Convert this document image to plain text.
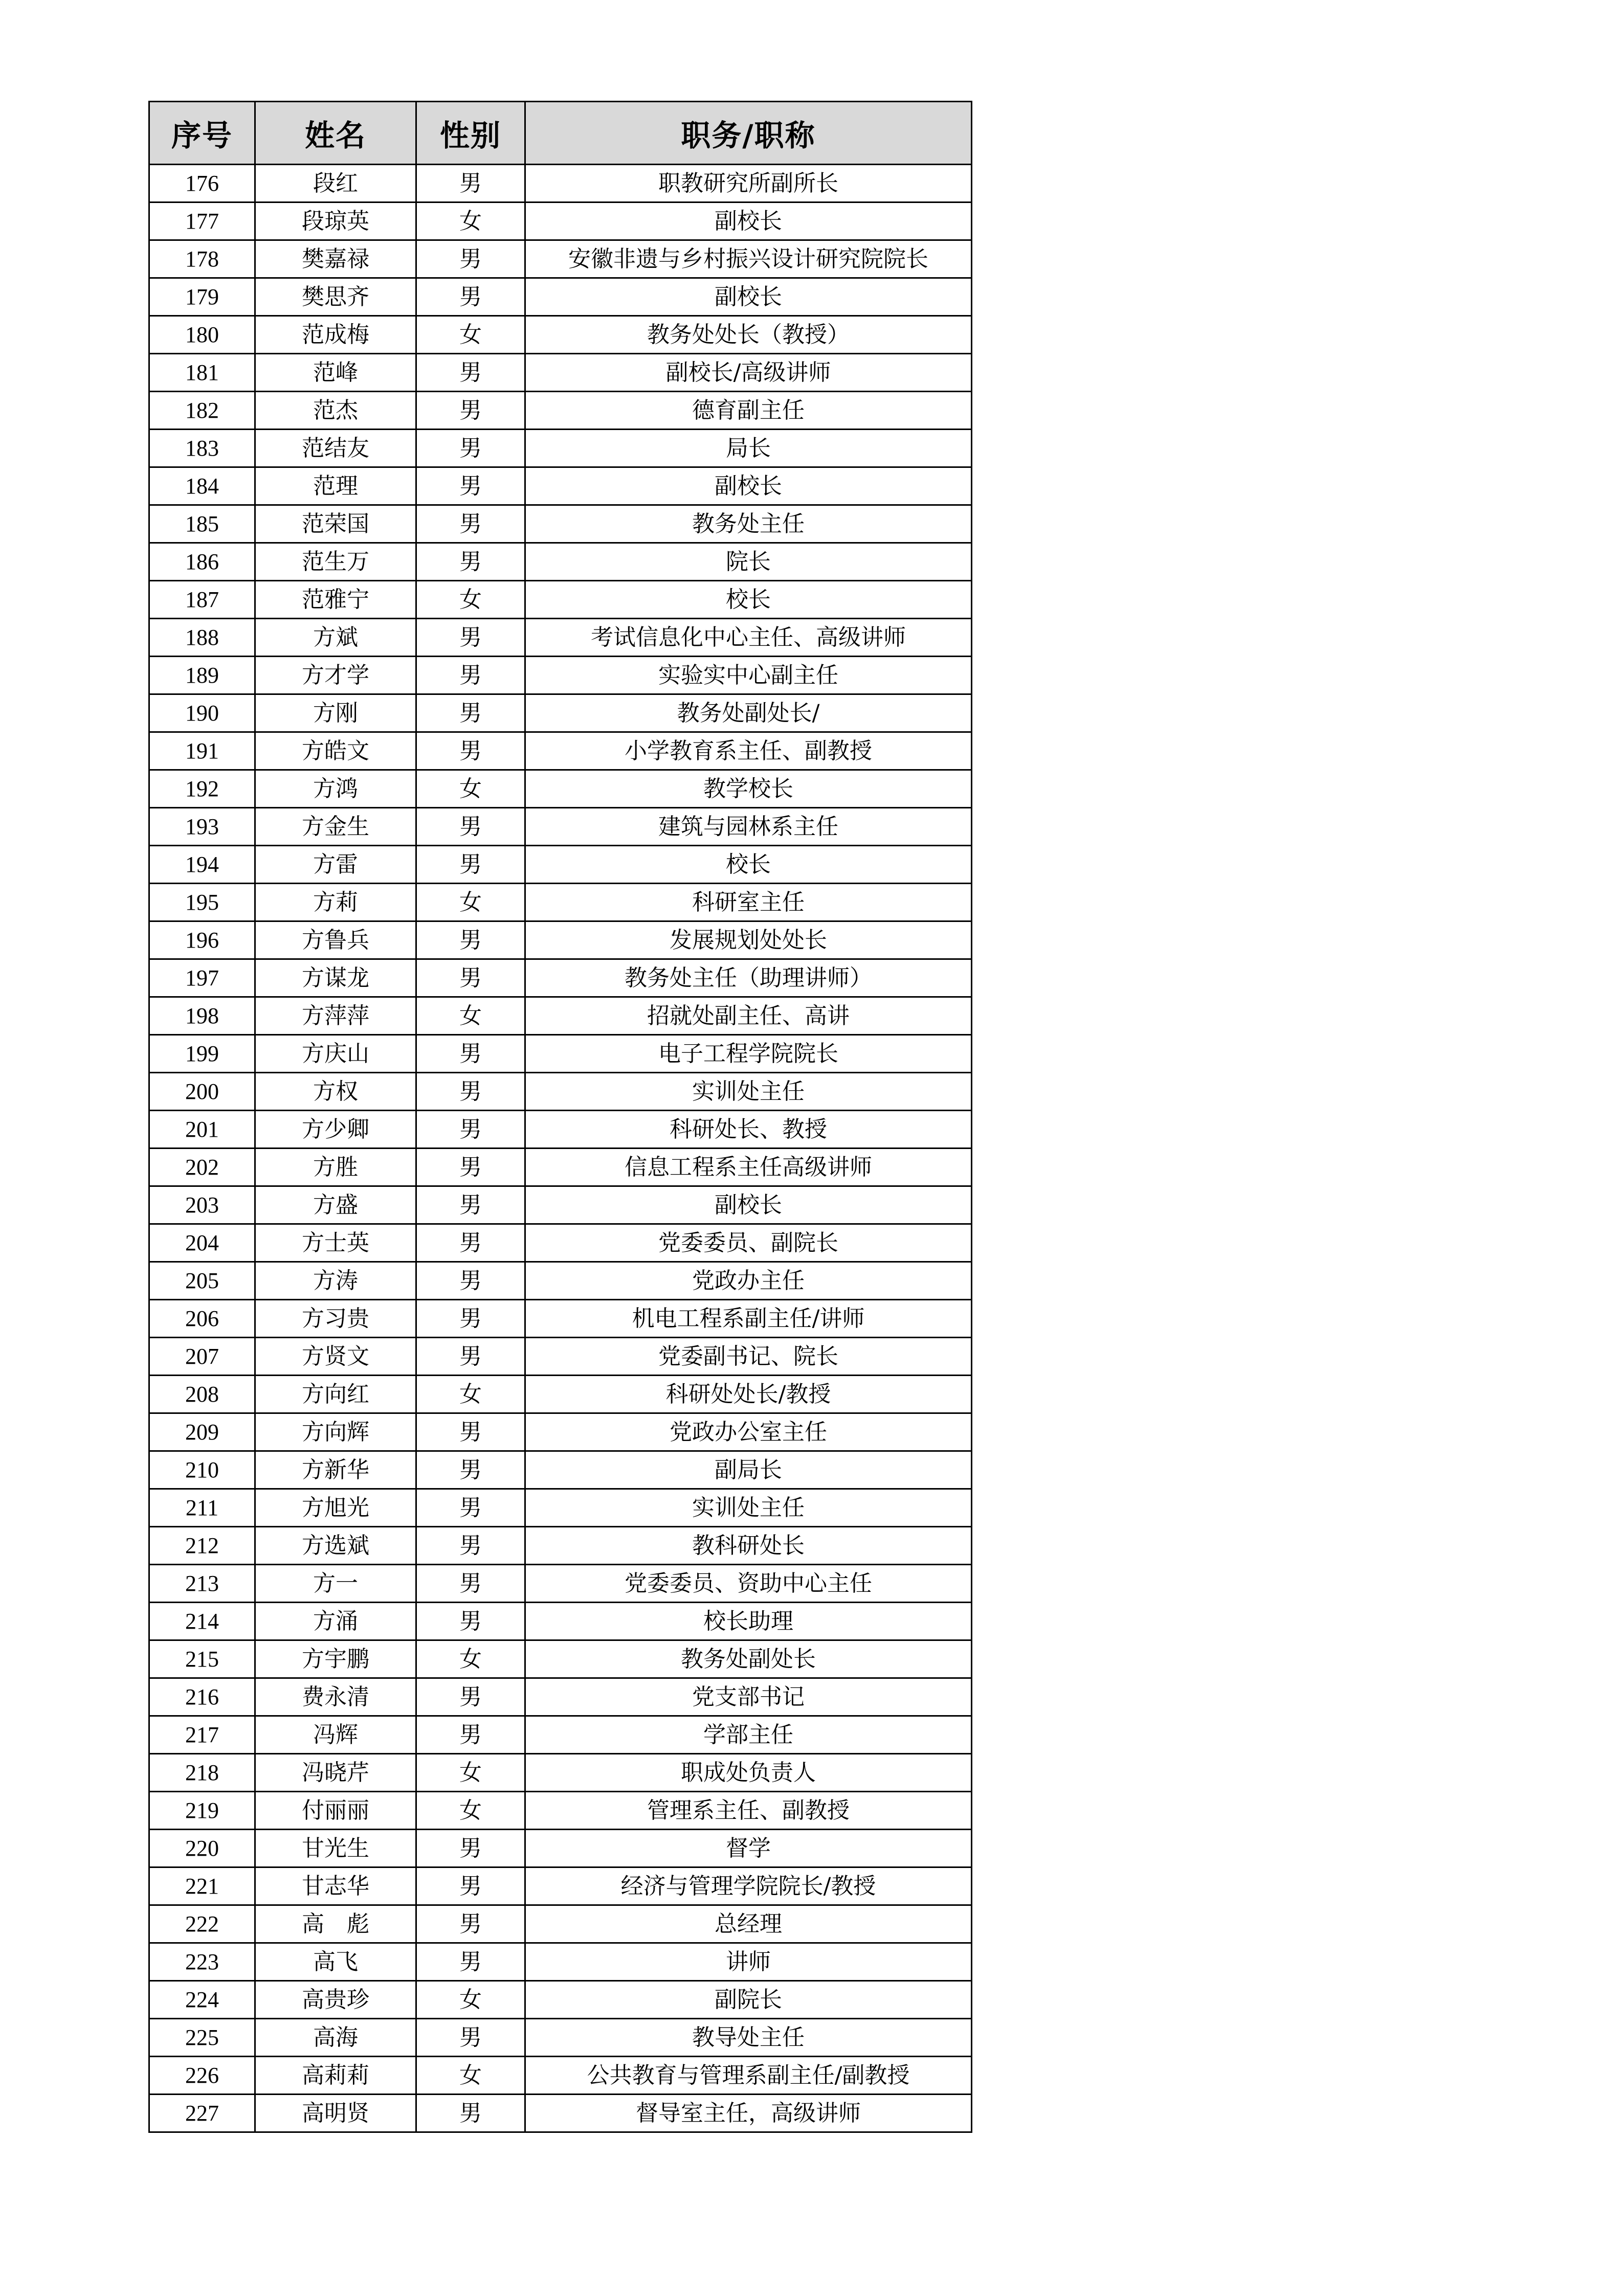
序号	姓名	性别	职务/职称
176	段红	男	职教研究所副所长
177	段琼英	女	副校长
178	樊嘉禄	男	安徽非遗与乡村振兴设计研究院院长
179	樊思齐	男	副校长
180	范成梅	女	教务处处长（教授）
181	范峰	男	副校长/高级讲师
182	范杰	男	德育副主任
183	范结友	男	局长
184	范理	男	副校长
185	范荣国	男	教务处主任
186	范生万	男	院长
187	范雅宁	女	校长
188	方斌	男	考试信息化中心主任、高级讲师
189	方才学	男	实验实中心副主任
190	方刚	男	教务处副处长/
191	方皓文	男	小学教育系主任、副教授
192	方鸿	女	教学校长
193	方金生	男	建筑与园林系主任
194	方雷	男	校长
195	方莉	女	科研室主任
196	方鲁兵	男	发展规划处处长
197	方谋龙	男	教务处主任（助理讲师）
198	方萍萍	女	招就处副主任、高讲
199	方庆山	男	电子工程学院院长
200	方权	男	实训处主任
201	方少卿	男	科研处长、教授
202	方胜	男	信息工程系主任高级讲师
203	方盛	男	副校长
204	方士英	男	党委委员、副院长
205	方涛	男	党政办主任
206	方习贵	男	机电工程系副主任/讲师
207	方贤文	男	党委副书记、院长
208	方向红	女	科研处处长/教授
209	方向辉	男	党政办公室主任
210	方新华	男	副局长
211	方旭光	男	实训处主任
212	方选斌	男	教科研处长
213	方一	男	党委委员、资助中心主任
214	方涌	男	校长助理
215	方宇鹏	女	教务处副处长
216	费永清	男	党支部书记
217	冯辉	男	学部主任
218	冯晓芹	女	职成处负责人
219	付丽丽	女	管理系主任、副教授
220	甘光生	男	督学
221	甘志华	男	经济与管理学院院长/教授
222	高　彪	男	总经理
223	高飞	男	讲师
224	高贵珍	女	副院长
225	高海	男	教导处主任
226	高莉莉	女	公共教育与管理系副主任/副教授
227	高明贤	男	督导室主任，高级讲师
